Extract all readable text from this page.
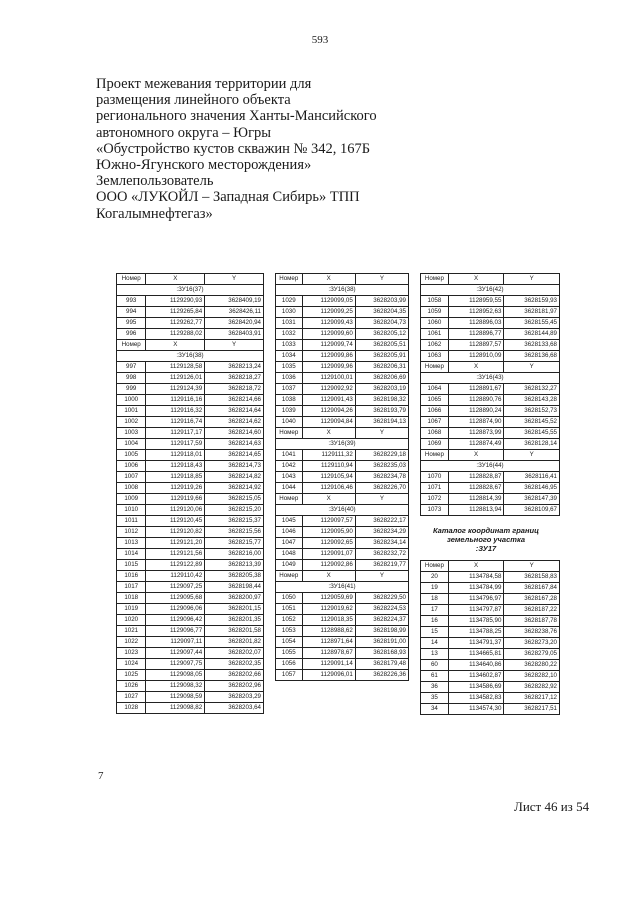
593
Проект межевания территории для
размещения линейного объекта
регионального значения Ханты-Мансийского
автономного округа – Югры
«Обустройство кустов скважин № 342, 167Б
Южно-Ягунского месторождения»
Землепользователь
ООО «ЛУКОЙЛ – Западная Сибирь» ТПП
Когалымнефтегаз»
Номер	X	Y
:ЗУ16(37)		
993	1129290,93	3628409,19
994	1129265,84	3628426,11
995	1129262,77	3628420,94
996	1129288,02	3628403,91
Номер	X	Y
:ЗУ16(38)		
997	1129128,58	3628213,24
998	1129126,01	3628218,27
999	1129124,39	3628218,72
1000	1129116,16	3628214,66
1001	1129116,32	3628214,64
1002	1129116,74	3628214,62
1003	1129117,17	3628214,60
1004	1129117,59	3628214,63
1005	1129118,01	3628214,65
1006	1129118,43	3628214,73
1007	1129118,85	3628214,82
1008	1129119,26	3628214,92
1009	1129119,66	3628215,05
1010	1129120,06	3628215,20
1011	1129120,45	3628215,37
1012	1129120,82	3628215,56
1013	1129121,20	3628215,77
1014	1129121,56	3628216,00
1015	1129122,89	3628213,39
1016	1129110,42	3628205,38
1017	1129097,25	3628198,44
1018	1129095,68	3628200,97
1019	1129096,06	3628201,15
1020	1129096,42	3628201,35
1021	1129096,77	3628201,58
1022	1129097,11	3628201,82
1023	1129097,44	3628202,07
1024	1129097,75	3628202,35
1025	1129098,05	3628202,66
1026	1129098,32	3628202,96
1027	1129098,59	3628203,29
1028	1129098,82	3628203,64
Номер	X	Y
:ЗУ16(38)		
1029	1129099,05	3628203,99
1030	1129099,25	3628204,35
1031	1129099,43	3628204,73
1032	1129099,60	3628205,12
1033	1129099,74	3628205,51
1034	1129099,86	3628205,91
1035	1129099,96	3628206,31
1036	1129100,01	3628206,69
1037	1129092,92	3628203,19
1038	1129091,43	3628198,32
1039	1129094,26	3628193,79
1040	1129094,84	3628194,13
Номер	X	Y
:ЗУ16(39)		
1041	1129111,32	3628229,18
1042	1129110,94	3628235,03
1043	1129105,94	3628234,78
1044	1129106,46	3628226,70
Номер	X	Y
:ЗУ16(40)		
1045	1129097,57	3628222,17
1046	1129095,90	3628234,29
1047	1129092,65	3628234,14
1048	1129091,07	3628232,72
1049	1129092,86	3628219,77
Номер	X	Y
:ЗУ16(41)		
1050	1129059,69	3628229,50
1051	1129019,62	3628224,53
1052	1129018,35	3628224,37
1053	1128988,62	3628198,99
1054	1128971,64	3628191,00
1055	1128978,67	3628168,93
1056	1129091,14	3628179,48
1057	1129096,01	3628226,36
Номер	X	Y
:ЗУ16(42)		
1058	1128959,55	3628159,93
1059	1128952,63	3628181,97
1060	1128896,03	3628155,45
1061	1128896,77	3628144,89
1062	1128897,57	3628133,68
1063	1128910,09	3628136,68
Номер	X	Y
:ЗУ16(43)		
1064	1128891,67	3628132,27
1065	1128890,76	3628143,28
1066	1128890,24	3628152,73
1067	1128874,90	3628145,52
1068	1128873,99	3628145,55
1069	1128874,49	3628128,14
Номер	X	Y
:ЗУ16(44)		
1070	1128828,87	3628116,41
1071	1128828,67	3628146,95
1072	1128814,39	3628147,39
1073	1128813,94	3628109,67
Каталог координат границ
земельного участка
:ЗУ17
Номер	X	Y
20	1134784,58	3628158,83
19	1134784,99	3628167,84
18	1134796,97	3628167,28
17	1134797,87	3628187,22
16	1134785,90	3628187,78
15	1134788,25	3628238,76
14	1134791,37	3628273,20
13	1134665,81	3628279,05
60	1134640,86	3628280,22
61	1134602,87	3628282,10
36	1134586,69	3628282,92
35	1134582,83	3628217,12
34	1134574,30	3628217,51
7
Лист 46 из 54
